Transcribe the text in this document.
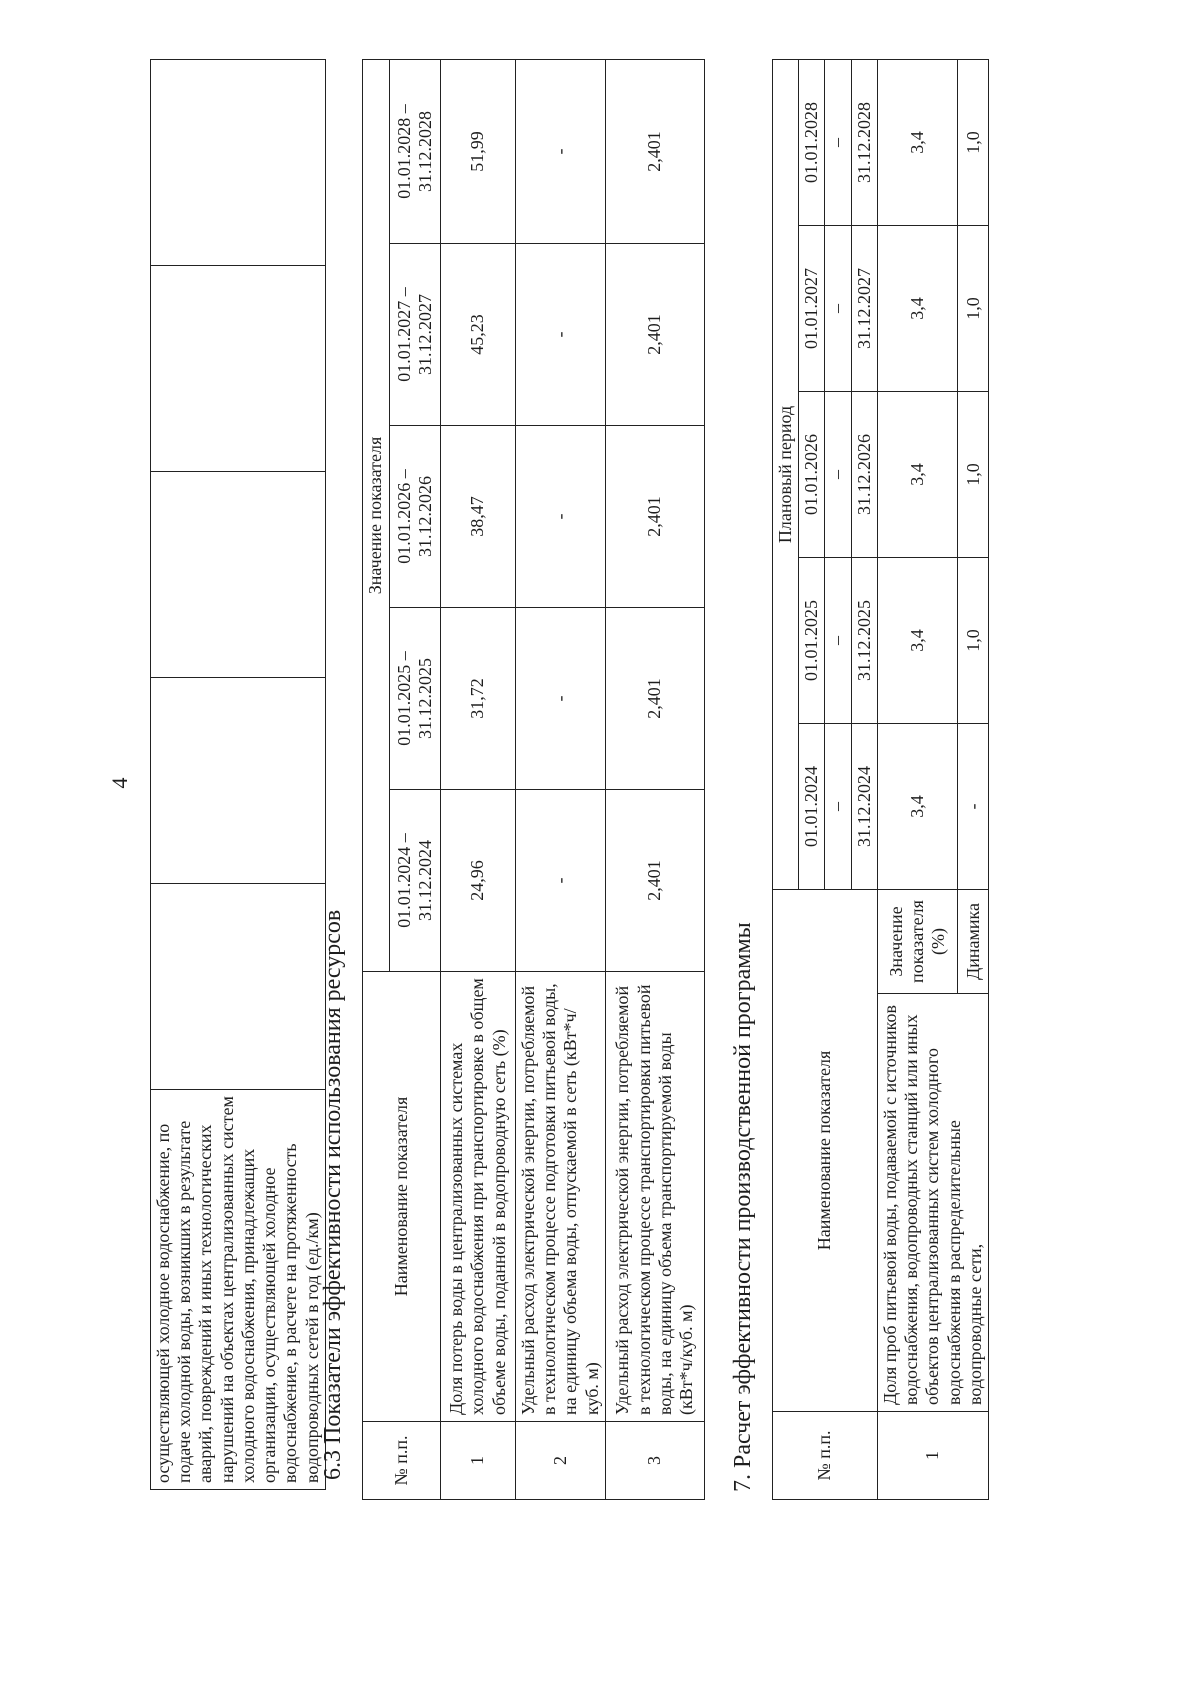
4
осуществляющей холодное водоснабжение, по подаче холодной воды, возникших в результате аварий, повреждений и иных технологических нарушений на объектах централизованных систем холодного водоснабжения, принадлежащих организации, осуществляющей холодное водоснабжение, в расчете на протяженность водопроводных сетей в год (ед./км)					
6.3 Показатели эффективности использования ресурсов № п.п.	Наименование показателя	Значение показателя				
		01.01.2024 – 31.12.2024	01.01.2025 – 31.12.2025	01.01.2026 – 31.12.2026	01.01.2027 – 31.12.2027	01.01.2028 – 31.12.2028
1	Доля потерь воды в централизованных системах холодного водоснабжения при транспортировке в общем объеме воды, поданной в водопроводную сеть (%)	24,96	31,72	38,47	45,23	51,99
2	Удельный расход электрической энергии, потребляемой в технологическом процессе подготовки питьевой воды, на единицу объема воды, отпускаемой в сеть (кВт*ч/куб. м)	-	-	-	-	-
3	Удельный расход электрической энергии, потребляемой в технологическом процессе транспортировки питьевой воды, на единицу объема транспортируемой воды (кВт*ч/куб. м)	2,401	2,401	2,401	2,401	2,401
7. Расчет эффективности производственной программы	№ п.п.	Наименование показателя		Плановый период				
			01.01.2024	01.01.2025	01.01.2026	01.01.2027	01.01.2028
			–	–	–	–	–
			31.12.2024	31.12.2025	31.12.2026	31.12.2027	31.12.2028
1	Доля проб питьевой воды, подаваемой с источников водоснабжения, водопроводных станций или иных объектов централизованных систем холодного водоснабжения в распределительные водопроводные сети,	Значение показателя (%)	3,4	3,4	3,4	3,4	3,4
		Динамика	-	1,0	1,0	1,0	1,0
